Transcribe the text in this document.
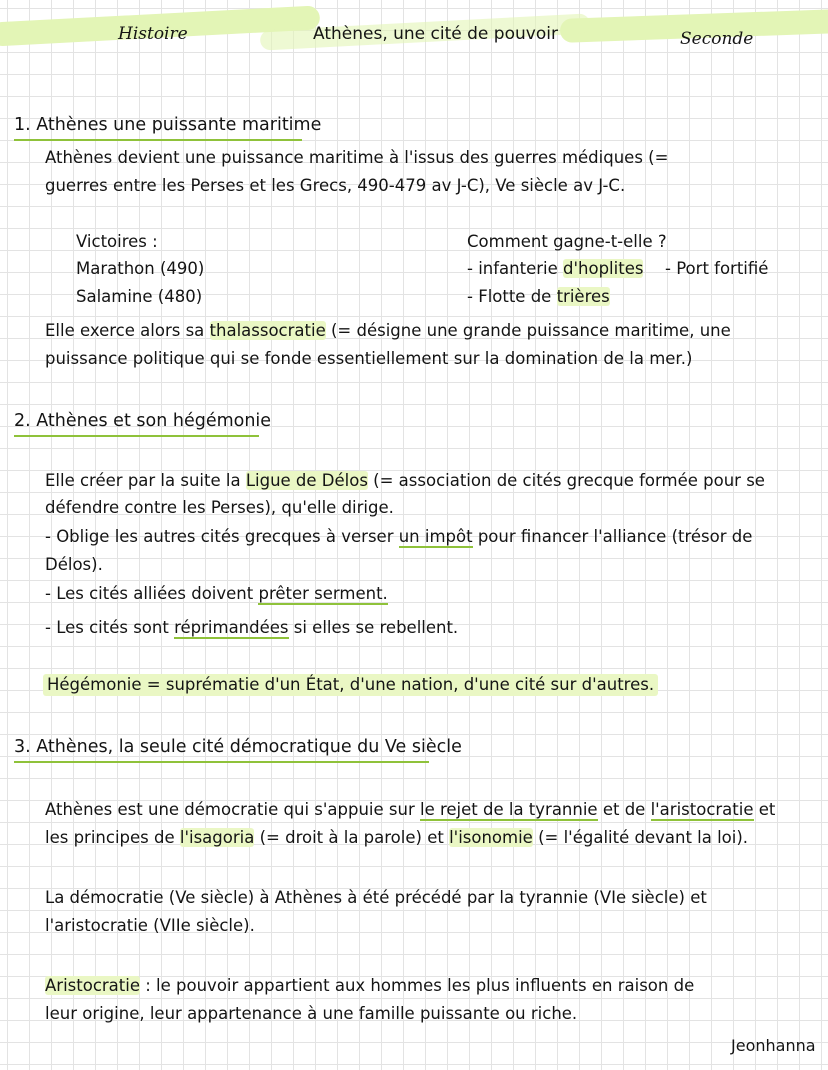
Histoire	Athènes, une cité de pouvoir	Seconde
1. Athènes une puissante maritime
Athènes devient une puissance maritime à l'issus des guerres médiques (=
guerres entre les Perses et les Grecs, 490-479 av J-C), Ve siècle av J-C.
Victoires :
Marathon (490)
Salamine (480)
Comment gagne-t-elle ?
- infanterie d'hoplites - Port fortifié
- Flotte de trières
Elle exerce alors sa thalassocratie (= désigne une grande puissance maritime, une
puissance politique qui se fonde essentiellement sur la domination de la mer.)
2. Athènes et son hégémonie
Elle créer par la suite la Ligue de Délos (= association de cités grecque formée pour se
défendre contre les Perses), qu'elle dirige.
- Oblige les autres cités grecques à verser un impôt pour financer l'alliance (trésor de
Délos).
- Les cités alliées doivent prêter serment.
- Les cités sont réprimandées si elles se rebellent.
Hégémonie = suprématie d'un État, d'une nation, d'une cité sur d'autres.
3. Athènes, la seule cité démocratique du Ve siècle
Athènes est une démocratie qui s'appuie sur le rejet de la tyrannie et de l'aristocratie et
les principes de l'isagoria (= droit à la parole) et l'isonomie (= l'égalité devant la loi).
La démocratie (Ve siècle) à Athènes à été précédé par la tyrannie (VIe siècle) et
l'aristocratie (VIIe siècle).
Aristocratie : le pouvoir appartient aux hommes les plus influents en raison de
leur origine, leur appartenance à une famille puissante ou riche.
Jeonhanna
